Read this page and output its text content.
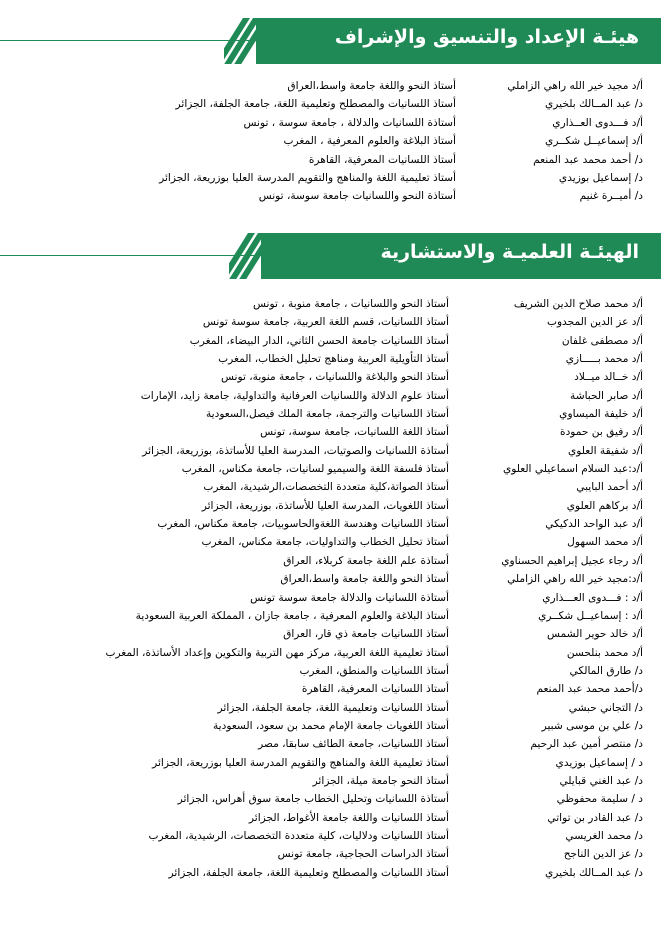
هيئـة الإعداد والتنسيق والإشراف
أ/د مجيد خير الله راهي الزاملي
أستاذ النحو واللغة جامعة واسط،العراق
د/ عبد المــالك بلخيري
أستاذ اللسانيات والمصطلح وتعليمية اللغة، جامعة الجلفة، الجزائر
أ/د فـــدوى العــذاري
أستاذة اللسانيات والدلالة ، جامعة سوسة ، تونس
أ/د إسماعيــل شكــري
أستاذ البلاغة والعلوم المعرفية ، المغرب
د/ أحمد محمد عبد المنعم
أستاذ اللسانيات المعرفية، القاهرة
د/ إسماعيل بوزيدي
أستاذ تعليمية اللغة والمناهج والتقويم المدرسة العليا بوزريعة، الجزائر
د/ أميــرة غنيم
أستاذة النحو واللسانيات جامعة سوسة، تونس
الهيئـة العلميـة والاستشارية
أ/د محمد صلاح الدين الشريف
أستاذ النحو واللسانيات ، جامعة منوبة ، تونس
أ/د عز الدين المجدوب
أستاذ اللسانيات، قسم اللغة العربية، جامعة سوسة تونس
أ/د مصطفى غلفان
أستاذ اللسانيات جامعة الحسن الثاني، الدار البيضاء، المغرب
أ/د محمد بـــــازي
أستاذ التأويلية العربية ومناهج تحليل الخطاب، المغرب
أ/د خــالد ميــلاد
أستاذ النحو والبلاغة واللسانيات ، جامعة منوبة، تونس
أ/د صابر الحباشة
أستاذ علوم الدلالة واللسانيات العرفانية والتداولية، جامعة زايد، الإمارات
أ/د خليفة الميساوي
أستاذ اللسانيات والترجمة، جامعة الملك فيصل،السعودية
أ/د رفيق بن حمودة
أستاذ اللغة اللسانيات، جامعة سوسة، تونس
أ/د شفيقة العلوي
أستاذة اللسانيات والصوتيات، المدرسة العليا للأساتذة، بوزريعة، الجزائر
أ/د:عبد السلام اسماعيلي العلوي
أستاذ فلسفة اللغة والسيميو لسانيات، جامعة مكناس، المغرب
أ/د أحمد البايبي
أستاذ الصواتة،كلية متعددة التخصصات،الرشيدية، المغرب
أ/د بركاهم العلوي
أستاذ اللغويات، المدرسة العليا للأساتذة، بوزريعة، الجزائر
أ/د عبد الواحد الدكيكي
أستاذ اللسانيات وهندسة اللغةوالحاسوبيات، جامعة مكناس، المغرب
أ/د محمد السهول
أستاذ تحليل الخطاب والتداوليات، جامعة مكناس، المغرب
أ/د رجاء عجيل إبراهيم الحسناوي
أستاذة علم اللغة جامعة كربلاء، العراق
أ/د:مجيد خير الله راهي الزاملي
أستاذ النحو واللغة جامعة واسط،العراق
أ/د : فـــدوى العـــذاري
أستاذة اللسانيات والدلالة جامعة سوسة تونس
أ/د : إسماعيــل شكــري
أستاذ البلاغة والعلوم المعرفية ، جامعة جازان ، المملكة العربية السعودية
أ/د خالد حوير الشمس
أستاذ اللسانيات جامعة ذي قار، العراق
أ/د محمد بنلحسن
أستاذ تعليمية اللغة العربية، مركز مهن التربية والتكوين وإعداد الأساتذة، المغرب
د/ طارق المالكي
أستاذ اللسانيات والمنطق، المغرب
د/أحمد محمد عبد المنعم
أستاذ اللسانيات المعرفية، القاهرة
د/ التجاني حبشي
أستاذ اللسانيات وتعليمية اللغة، جامعة الجلفة، الجزائر
د/ علي بن موسى شبير
أستاذ اللغويات جامعة الإمام محمد بن سعود، السعودية
د/ منتصر أمين عبد الرحيم
أستاذ اللسانيات، جامعة الطائف سابقا، مصر
د / إسماعيل بوزيدي
أستاذ تعليمية اللغة والمناهج والتقويم المدرسة العليا بوزريعة، الجزائر
د/ عبد الغني قبايلي
أستاذ النحو جامعة ميلة، الجزائر
د / سليمة محفوظي
أستاذة اللسانيات وتحليل الخطاب جامعة سوق أهراس، الجزائر
د/ عبد القادر بن تواتي
أستاذ اللسانيات واللغة جامعة الأغواط، الجزائر
د/ محمد الغريسي
أستاذ اللسانيات ودلاليات، كلية متعددة التخصصات، الرشيدية، المغرب
د/ عز الدين الناجح
أستاذ الدراسات الحجاجية، جامعة تونس
د/ عبد المــالك بلخيري
أستاذ اللسانيات والمصطلح وتعليمية اللغة، جامعة الجلفة، الجزائر
